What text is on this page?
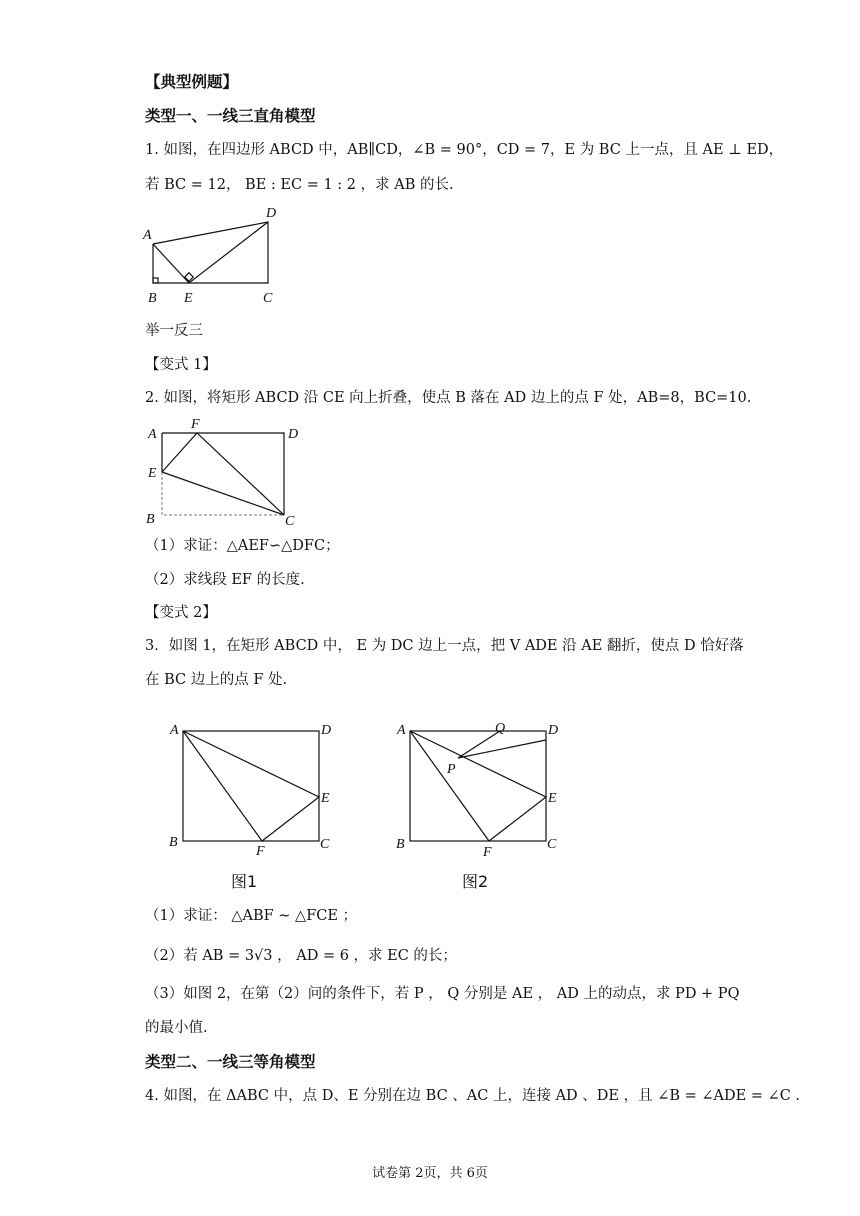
【典型例题】
类型一、一线三直角模型
1. 如图，在四边形 ABCD 中，AB∥CD，∠B = 90°，CD = 7，E 为 BC 上一点，且 AE ⊥ ED，
若 BC = 12， BE : EC = 1 : 2 ，求 AB 的长.
A
D
B E	C
举一反三
【变式 1】
2. 如图，将矩形 ABCD 沿 CE 向上折叠，使点 B 落在 AD 边上的点 F 处，AB=8，BC=10.
A
F
D
E
B	C
（1）求证：△AEF∽△DFC；
（2）求线段 EF 的长度.
【变式 2】
3．如图 1，在矩形 ABCD 中， E 为 DC 边上一点，把 V ADE 沿 AE 翻折，使点 D 恰好落
在 BC 边上的点 F 处.
A	D
E
B
F	C
图1
A	Q	D
P
E
B
F
C
图2
（1）求证： △ABF ∼ △FCE ；
（2）若 AB = 3√3 ， AD = 6 ，求 EC 的长；
（3）如图 2，在第（2）问的条件下，若 P ， Q 分别是 AE ， AD 上的动点，求 PD + PQ
的最小值.
类型二、一线三等角模型
4. 如图，在 ΔABC 中，点 D、E 分别在边 BC 、AC 上，连接 AD 、DE ，且 ∠B = ∠ADE = ∠C .
试卷第 2页，共 6页
